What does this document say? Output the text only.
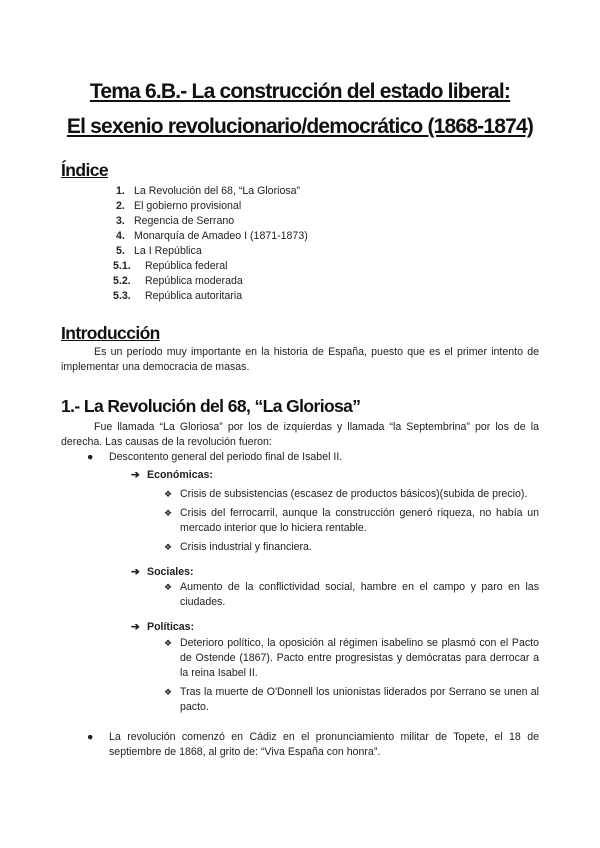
Tema 6.B.- La construcción del estado liberal:
El sexenio revolucionario/democrático (1868-1874)
Índice
1. La Revolución del 68, “La Gloriosa”
2. El gobierno provisional
3. Regencia de Serrano
4. Monarquía de Amadeo I (1871-1873)
5. La I República
5.1.	República federal
5.2.	República moderada
5.3.	República autoritaria
Introducción

Es un período muy importante en la historia de España, puesto que es el primer intento de implementar una democracia de masas.

1.- La Revolución del 68, “La Gloriosa”

Fue llamada “La Gloriosa” por los de izquierdas y llamada “la Septembrina” por los de la derecha. Las causas de la revolución fueron:

●	Descontento general del periodo final de Isabel II.
➔ Económicas:
❖ Crisis de subsistencias (escasez de productos básicos)(subida de precio).
❖ Crisis del ferrocarril, aunque la construcción generó riqueza, no había un mercado interior que lo hiciera rentable.
❖ Crisis industrial y financiera.
➔ Sociales:
❖ Aumento de la conflictividad social, hambre en el campo y paro en las ciudades.
➔ Políticas:
❖ Deterioro político, la oposición al régimen isabelino se plasmó con el Pacto de Ostende (1867). Pacto entre progresistas y demócratas para derrocar a la reina Isabel II.
❖ Tras la muerte de O'Donnell los unionistas liderados por Serrano se unen al pacto.
●	La revolución comenzó en Cádiz en el pronunciamiento militar de Topete, el 18 de septiembre de 1868, al grito de: “Viva España con honra”.
